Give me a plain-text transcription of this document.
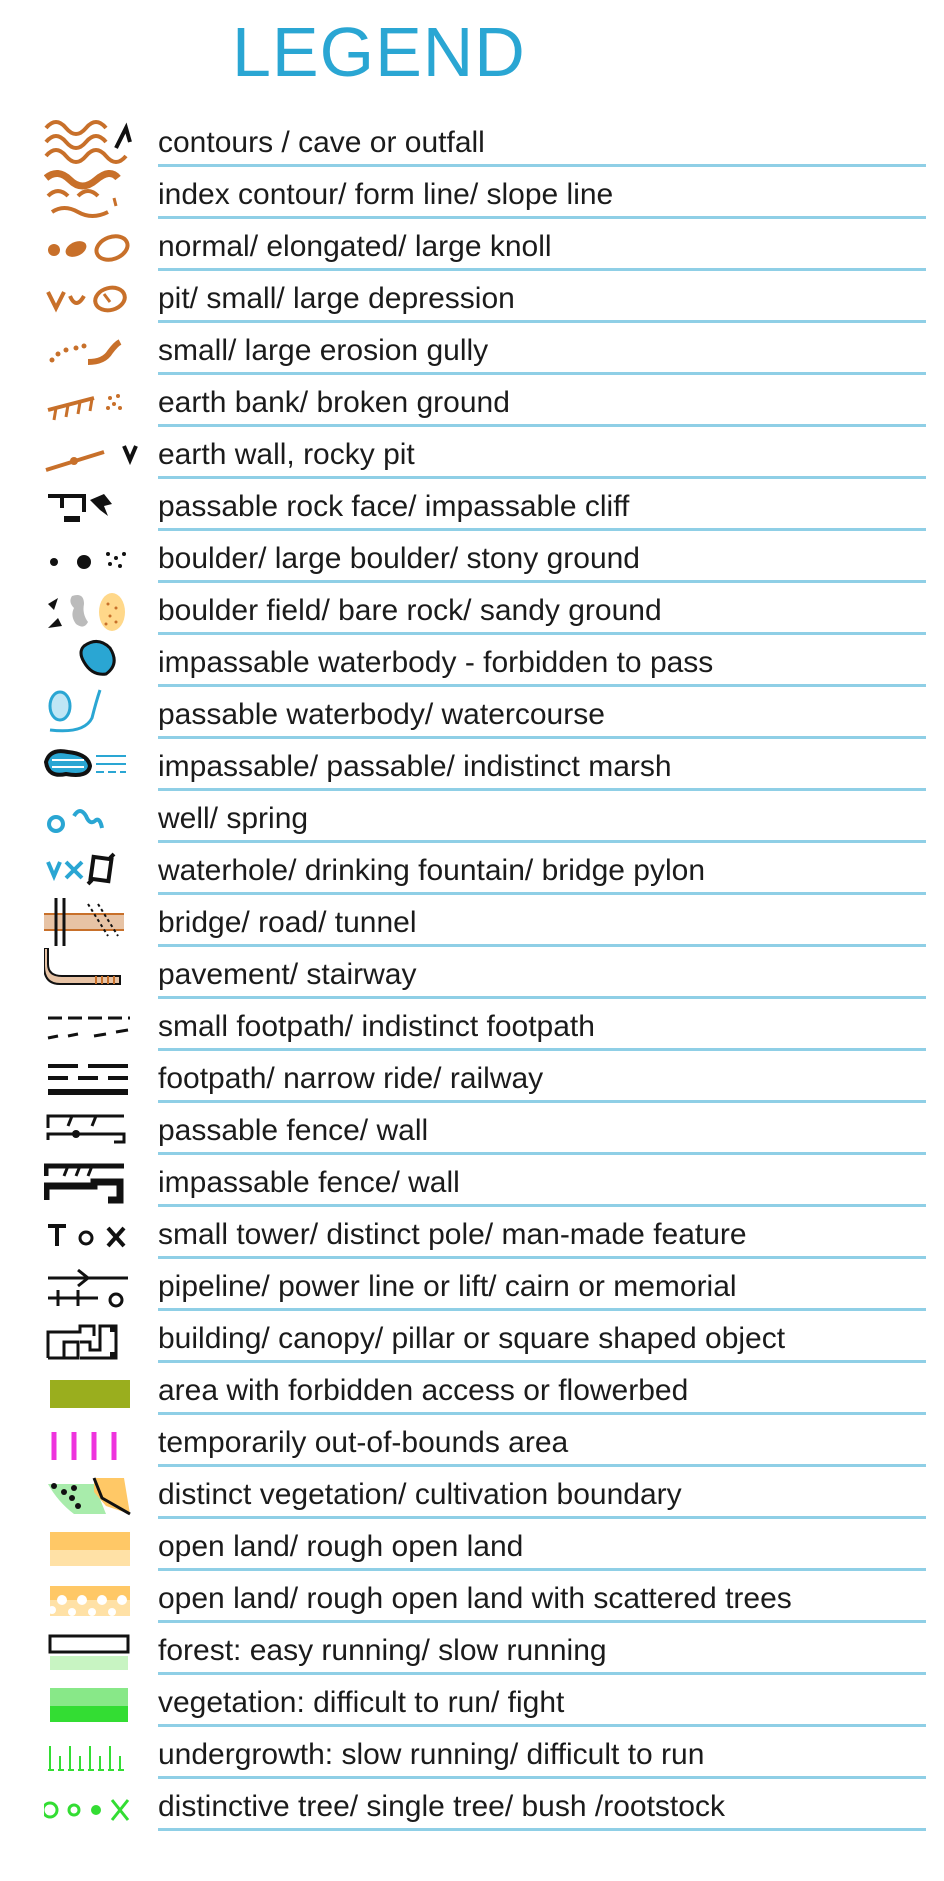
LEGEND
contours / cave or outfall
index contour/ form line/ slope line
normal/ elongated/ large knoll
pit/ small/ large depression
small/ large erosion gully
earth bank/ broken ground
earth wall, rocky pit
passable rock face/ impassable cliff
boulder/ large boulder/ stony ground
boulder field/ bare rock/ sandy ground
impassable waterbody - forbidden to pass
passable waterbody/ watercourse
impassable/ passable/ indistinct marsh
well/ spring
waterhole/ drinking fountain/ bridge pylon
bridge/ road/ tunnel
pavement/ stairway
small footpath/ indistinct footpath
footpath/ narrow ride/ railway
passable fence/ wall
impassable fence/ wall
small tower/ distinct pole/ man-made feature
pipeline/ power line or lift/ cairn or memorial
building/ canopy/ pillar or square shaped object
area with forbidden access or flowerbed
temporarily out-of-bounds area
distinct vegetation/ cultivation boundary
open land/ rough open land
open land/ rough open land with scattered trees
forest: easy running/ slow running
vegetation: difficult to run/ fight
undergrowth: slow running/ difficult to run
distinctive tree/ single tree/ bush /rootstock
